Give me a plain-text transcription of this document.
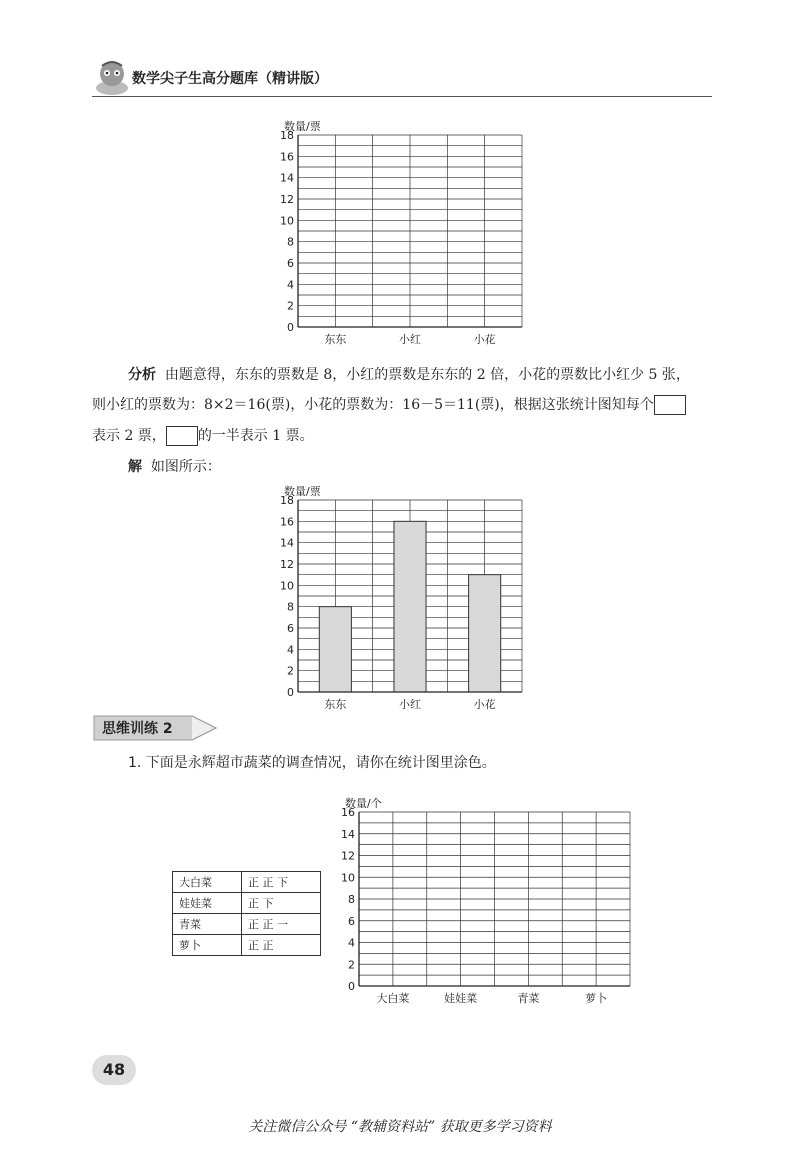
数学尖子生高分题库（精讲版）
0
2
4
6
8
10
12
14
16
18
数量/票
东东	小红	小花
分析 由题意得，东东的票数是 8，小红的票数是东东的 2 倍，小花的票数比小红少 5 张，
则小红的票数为：8×2＝16(票)，小花的票数为：16－5＝11(票)，根据这张统计图知每个
表示 2 票， 的一半表示 1 票。
解 如图所示：
0
2
4
6
8
10
12
14
16
18
数量/票
东东	小红	小花
思维训练 2
1. 下面是永辉超市蔬菜的调查情况，请你在统计图里涂色。
大白菜	正 正 下
娃娃菜	正 下
青菜	正 正 一
萝卜	正 正
0
2
4
6
8
10
12
14
16
数量/个
大白菜	娃娃菜	青菜	萝卜
48
关注微信公众号 “教辅资料站” 获取更多学习资料
